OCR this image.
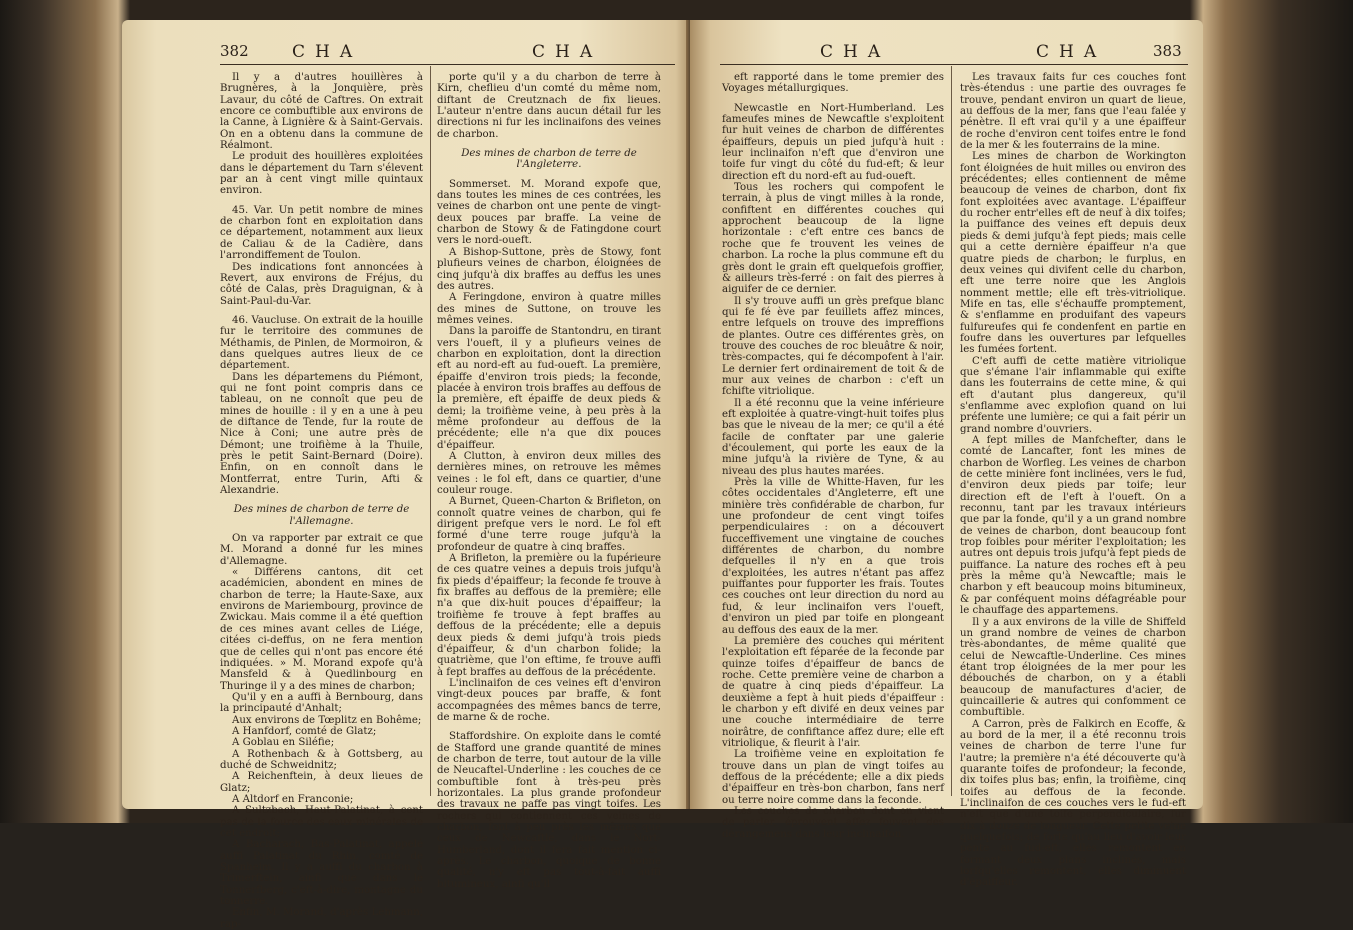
382	CHA	CHA

Il y a d'autres houillères à Brugnères, à la Jonquière, près Lavaur, du côté de Caftres. On extrait encore ce combuftible aux environs de la Canne, à Lignière & à Saint-Gervais. On en a obtenu dans la commune de Réalmont.

Le produit des houillères exploitées dans le département du Tarn s'élevent par an à cent vingt mille quintaux environ.

45. Var. Un petit nombre de mines de charbon font en exploitation dans ce département, notamment aux lieux de Caliau & de la Cadière, dans l'arrondiffement de Toulon.

Des indications font annoncées à Revert, aux environs de Fréjus, du côté de Calas, près Draguignan, & à Saint-Paul-du-Var.

46. Vaucluse. On extrait de la houille fur le territoire des communes de Méthamis, de Pinlen, de Mormoiron, & dans quelques autres lieux de ce département.

Dans les départemens du Piémont, qui ne font point compris dans ce tableau, on ne connoît que peu de mines de houille : il y en a une à peu de diftance de Tende, fur la route de Nice à Coni; une autre près de Démont; une troifième à la Thuile, près le petit Saint-Bernard (Doire). Enfin, on en connoît dans le Montferrat, entre Turin, Afti & Alexandrie.

Des mines de charbon de terre de l'Allemagne.

On va rapporter par extrait ce que M. Morand a donné fur les mines d'Allemagne.

« Différens cantons, dit cet académicien, abondent en mines de charbon de terre; la Haute-Saxe, aux environs de Mariembourg, province de Zwickau. Mais comme il a été queftion de ces mines avant celles de Liége, citées ci-deffus, on ne fera mention que de celles qui n'ont pas encore été indiquées. » M. Morand expofe qu'à Mansfeld & à Quedlinbourg en Thuringe il y a des mines de charbon;

Qu'il y en a auffi à Bernbourg, dans la principauté d'Anhalt;

Aux environs de Tœplitz en Bohême;

A Hanfdorf, comté de Glatz;

A Goblau en Siléfie;

A Rothenbach & à Gottsberg, au duché de Schweidnitz;

A Reichenftein, à deux lieues de Glatz;

A Altdorf en Franconie;

A Sultzbach, Haut-Palatinat, à cent pas de la fource des eaux minérales de cet endroit;

A Bacharach, Bas-Palatinat, appelé auffi Palatinat du Rhin, comté de Spanheim. Il y a auffi du charbon à Trimerftein, ainfi que dans le Tonnerfberg, c'eft-à-dire, montagne du tonnerre.

Enfin, M. Morand, d'après Lehmann, rap-

porte qu'il y a du charbon de terre à Kirn, cheflieu d'un comté du même nom, diftant de Creutznach de fix lieues. L'auteur n'entre dans aucun détail fur les directions ni fur les inclinaifons des veines de charbon.

Des mines de charbon de terre de l'Angleterre.

Sommerset. M. Morand expofe que, dans toutes les mines de ces contrées, les veines de charbon ont une pente de vingt-deux pouces par braffe. La veine de charbon de Stowy & de Fatingdone court vers le nord-oueft.

A Bishop-Suttone, près de Stowy, font plufieurs veines de charbon, éloignées de cinq jufqu'à dix braffes au deffus les unes des autres.

A Feringdone, environ à quatre milles des mines de Suttone, on trouve les mêmes veines.

Dans la paroiffe de Stantondru, en tirant vers l'oueft, il y a plufieurs veines de charbon en exploitation, dont la direction eft au nord-eft au fud-oueft. La première, épaiffe d'environ trois pieds; la feconde, placée à environ trois braffes au deffous de la première, eft épaiffe de deux pieds & demi; la troifième veine, à peu près à la même profondeur au deffous de la précédente; elle n'a que dix pouces d'épaiffeur.

A Clutton, à environ deux milles des dernières mines, on retrouve les mêmes veines : le fol eft, dans ce quartier, d'une couleur rouge.

A Burnet, Queen-Charton & Brifleton, on connoît quatre veines de charbon, qui fe dirigent prefque vers le nord. Le fol eft formé d'une terre rouge jufqu'à la profondeur de quatre à cinq braffes.

A Brifleton, la première ou la fupérieure de ces quatre veines a depuis trois jufqu'à fix pieds d'épaiffeur; la feconde fe trouve à fix braffes au deffous de la première; elle n'a que dix-huit pouces d'épaiffeur; la troifième fe trouve à fept braffes au deffous de la précédente; elle a depuis deux pieds & demi jufqu'à trois pieds d'épaiffeur, & d'un charbon folide; la quatrième, que l'on eftime, fe trouve auffi à fept braffes au deffous de la précédente.

L'inclinaifon de ces veines eft d'environ vingt-deux pouces par braffe, & font accompagnées des mêmes bancs de terre, de marne & de roche.

Staffordshire. On exploite dans le comté de Stafford une grande quantité de mines de charbon de terre, tout autour de la ville de Neucaftel-Underline : les couches de ce combuftible font à très-peu près horizontales. La plus grande profondeur des travaux ne paffe pas vingt toifes. Les rochers qui contiennent ces veines de charbon, font à peu près les mêmes que ceux de Newcaftle, dans le Nort-Humberland, dont il fera fait mention ci-après. Le charbon, quoique de bonne qualité, n'y eft pas tout-à-fait auffi bitumineux, ainfi qu'il

CHA	CHA	383

eft rapporté dans le tome premier des Voyages métallurgiques.

Newcastle en Nort-Humberland. Les fameufes mines de Newcaftle s'exploitent fur huit veines de charbon de différentes épaiffeurs, depuis un pied jufqu'à huit : leur inclinaifon n'eft que d'environ une toife fur vingt du côté du fud-eft; & leur direction eft du nord-eft au fud-oueft.

Tous les rochers qui compofent le terrain, à plus de vingt milles à la ronde, confiftent en différentes couches qui approchent beaucoup de la ligne horizontale : c'eft entre ces bancs de roche que fe trouvent les veines de charbon. La roche la plus commune eft du grès dont le grain eft quelquefois groffier, & ailleurs très-ferré : on fait des pierres à aiguifer de ce dernier.

Il s'y trouve auffi un grès prefque blanc qui fe fé ève par feuillets affez minces, entre lefquels on trouve des impreffions de plantes. Outre ces différentes grès, on trouve des couches de roc bleuâtre & noir, très-compactes, qui fe décompofent à l'air. Le dernier fert ordinairement de toit & de mur aux veines de charbon : c'eft un fchifte vitriolique.

Il a été reconnu que la veine inférieure eft exploitée à quatre-vingt-huit toifes plus bas que le niveau de la mer; ce qu'il a été facile de conftater par une galerie d'écoulement, qui porte les eaux de la mine jufqu'à la rivière de Tyne, & au niveau des plus hautes marées.

Près la ville de Whitte-Haven, fur les côtes occidentales d'Angleterre, eft une minière très confidérable de charbon, fur une profondeur de cent vingt toifes perpendiculaires : on a découvert fucceffivement une vingtaine de couches différentes de charbon, du nombre defquelles il n'y en a que trois d'exploitées, les autres n'étant pas affez puiffantes pour fupporter les frais. Toutes ces couches ont leur direction du nord au fud, & leur inclinaifon vers l'oueft, d'environ un pied par toife en plongeant au deffous des eaux de la mer.

La première des couches qui méritent l'exploitation eft féparée de la feconde par quinze toifes d'épaiffeur de bancs de roche. Cette première veine de charbon a de quatre à cinq pieds d'épaiffeur. La deuxième a fept à huit pieds d'épaiffeur : le charbon y eft divifé en deux veines par une couche intermédiaire de terre noirâtre, de confiftance affez dure; elle eft vitriolique, & fleurit à l'air.

La troifième veine en exploitation fe trouve dans un plan de vingt toifes au deffous de la précédente; elle a dix pieds d'épaiffeur en très-bon charbon, fans nerf ou terre noire comme dans la feconde.

Les couches de charbon dont on vient de parler, éprouvent affez fouvent des dérangemens dans leur inclinaifon.

Les travaux faits fur ces couches font très-étendus : une partie des ouvrages fe trouve, pendant environ un quart de lieue, au deffous de la mer, fans que l'eau falée y pénètre. Il eft vrai qu'il y a une épaiffeur de roche d'environ cent toifes entre le fond de la mer & les fouterrains de la mine.

Les mines de charbon de Workington font éloignées de huit milles ou environ des précédentes; elles contiennent de même beaucoup de veines de charbon, dont fix font exploitées avec avantage. L'épaiffeur du rocher entr'elles eft de neuf à dix toifes; la puiffance des veines eft depuis deux pieds & demi jufqu'à fept pieds; mais celle qui a cette dernière épaiffeur n'a que quatre pieds de charbon; le furplus, en deux veines qui divifent celle du charbon, eft une terre noire que les Anglois nomment mettle; elle eft très-vitriolique. Mife en tas, elle s'échauffe promptement, & s'enflamme en produifant des vapeurs fulfureufes qui fe condenfent en partie en foufre dans les ouvertures par lefquelles les fumées fortent.

C'eft auffi de cette matière vitriolique que s'émane l'air inflammable qui exifte dans les fouterrains de cette mine, & qui eft d'autant plus dangereux, qu'il s'enflamme avec explofion quand on lui préfente une lumière; ce qui a fait périr un grand nombre d'ouvriers.

A fept milles de Manfchefter, dans le comté de Lancafter, font les mines de charbon de Worfleg. Les veines de charbon de cette minière font inclinées, vers le fud, d'environ deux pieds par toife; leur direction eft de l'eft à l'oueft. On a reconnu, tant par les travaux intérieurs que par la fonde, qu'il y a un grand nombre de veines de charbon, dont beaucoup font trop foibles pour mériter l'exploitation; les autres ont depuis trois jufqu'à fept pieds de puiffance. La nature des roches eft à peu près la même qu'à Newcaftle; mais le charbon y eft beaucoup moins bitumineux, & par conféquent moins défagréable pour le chauffage des appartemens.

Il y a aux environs de la ville de Shiffeld un grand nombre de veines de charbon très-abondantes, de même qualité que celui de Newcaftle-Underline. Ces mines étant trop éloignées de la mer pour les débouchés de charbon, on y a établi beaucoup de manufactures d'acier, de quincaillerie & autres qui confomment ce combuftible.

A Carron, près de Falkirch en Ecoffe, & au bord de la mer, il a été reconnu trois veines de charbon de terre l'une fur l'autre; la première n'a été découverte qu'à quarante toifes de profondeur; la feconde, dix toifes plus bas; enfin, la troifième, cinq toifes au deffous de la feconde. L'inclinaifon de ces couches vers le fud-eft n'eft que d'une toife perpendiculaire, fur dix à douze de longueur. Cette petite veine quelquefois; de forte qu'au lieu d'avoir leur pente au fud-eft, elles remontent en formant deux plans inclinés, mais lorfqu'elles remontent, elles diminuent d'épaiffeur.
